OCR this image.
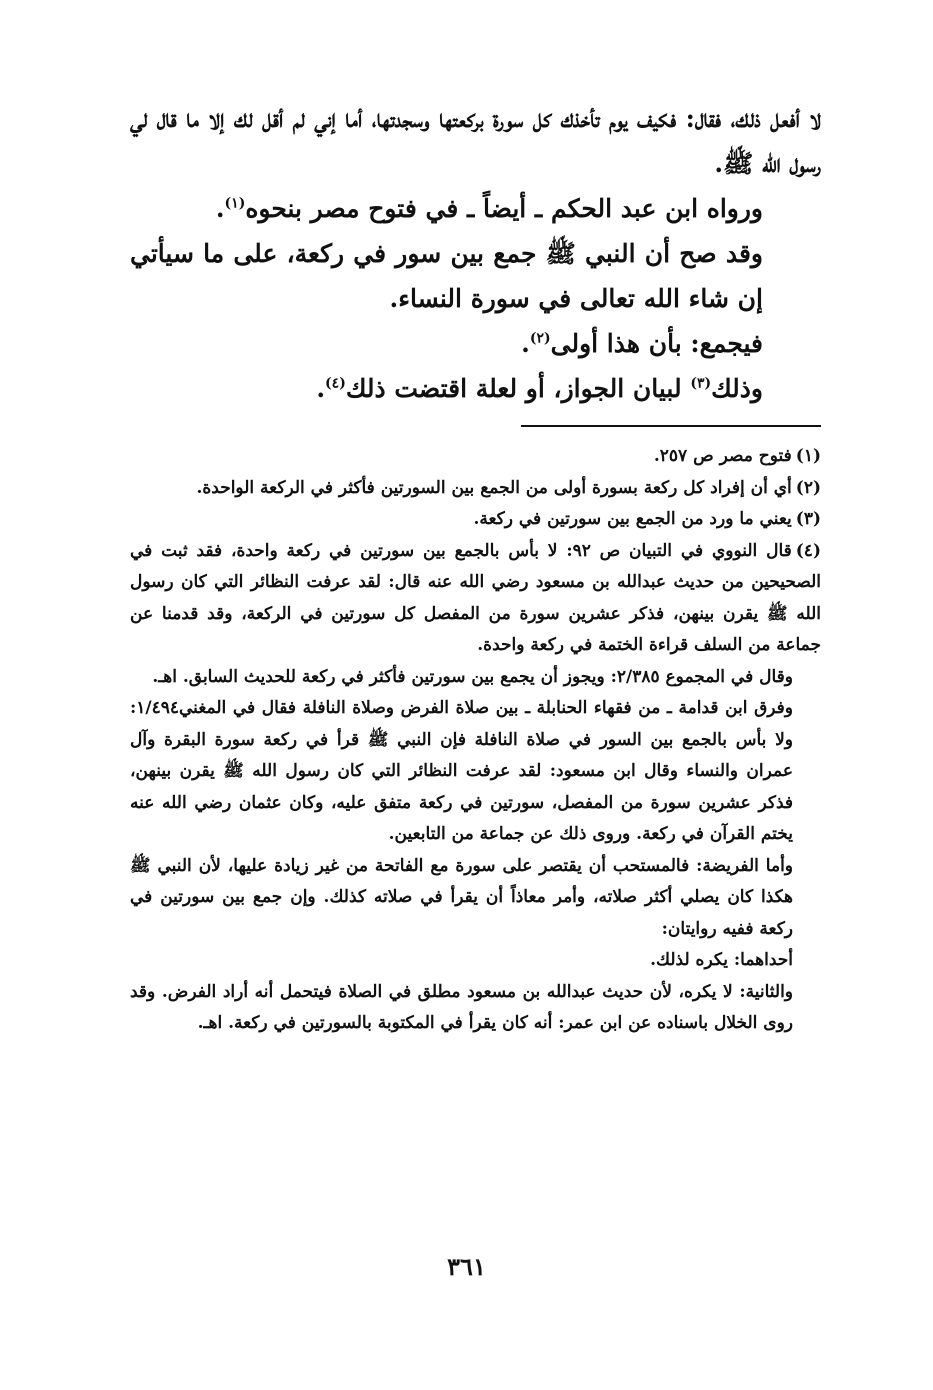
لا أفعل ذلك، فقال: فكيف يوم تأخذك كل سورة بركعتها وسجدتها، أما إني لم أقل لك إلا ما قال لي رسول الله ﷺ.

ورواه ابن عبد الحكم ـ أيضاً ـ في فتوح مصر بنحوه$^{(١)}$.

وقد صح أن النبي ﷺ جمع بين سور في ركعة، على ما سيأتي إن شاء الله تعالى في سورة النساء.

فيجمع: بأن هذا أولى$^{(٢)}$.

وذلك$^{(٣)}$ لبيان الجواز، أو لعلة اقتضت ذلك$^{(٤)}$.

(١)فتوح مصر ص ٢٥٧.

(٢)أي أن إفراد كل ركعة بسورة أولى من الجمع بين السورتين فأكثر في الركعة الواحدة.

(٣)يعني ما ورد من الجمع بين سورتين في ركعة.

(٤)قال النووي في التبيان ص ٩٢: لا بأس بالجمع بين سورتين في ركعة واحدة، فقد ثبت في الصحيحين من حديث عبدالله بن مسعود رضي الله عنه قال: لقد عرفت النظائر التي كان رسول الله ﷺ يقرن بينهن، فذكر عشرين سورة من المفصل كل سورتين في الركعة، وقد قدمنا عن جماعة من السلف قراءة الختمة في ركعة واحدة.

وقال في المجموع ٢/٣٨٥: ويجوز أن يجمع بين سورتين فأكثر في ركعة للحديث السابق. اهـ.

وفرق ابن قدامة ـ من فقهاء الحنابلة ـ بين صلاة الفرض وصلاة النافلة فقال في المغني١/٤٩٤: ولا بأس بالجمع بين السور في صلاة النافلة فإن النبي ﷺ قرأ في ركعة سورة البقرة وآل عمران والنساء وقال ابن مسعود: لقد عرفت النظائر التي كان رسول الله ﷺ يقرن بينهن، فذكر عشرين سورة من المفصل، سورتين في ركعة متفق عليه، وكان عثمان رضي الله عنه يختم القرآن في ركعة. وروى ذلك عن جماعة من التابعين.

وأما الفريضة: فالمستحب أن يقتصر على سورة مع الفاتحة من غير زيادة عليها، لأن النبي ﷺ هكذا كان يصلي أكثر صلاته، وأمر معاذاً أن يقرأ في صلاته كذلك. وإن جمع بين سورتين في ركعة ففيه روايتان:

أحداهما: يكره لذلك.

والثانية: لا يكره، لأن حديث عبدالله بن مسعود مطلق في الصلاة فيتحمل أنه أراد الفرض. وقد روى الخلال باسناده عن ابن عمر: أنه كان يقرأ في المكتوبة بالسورتين في ركعة. اهـ.

٣٦١
